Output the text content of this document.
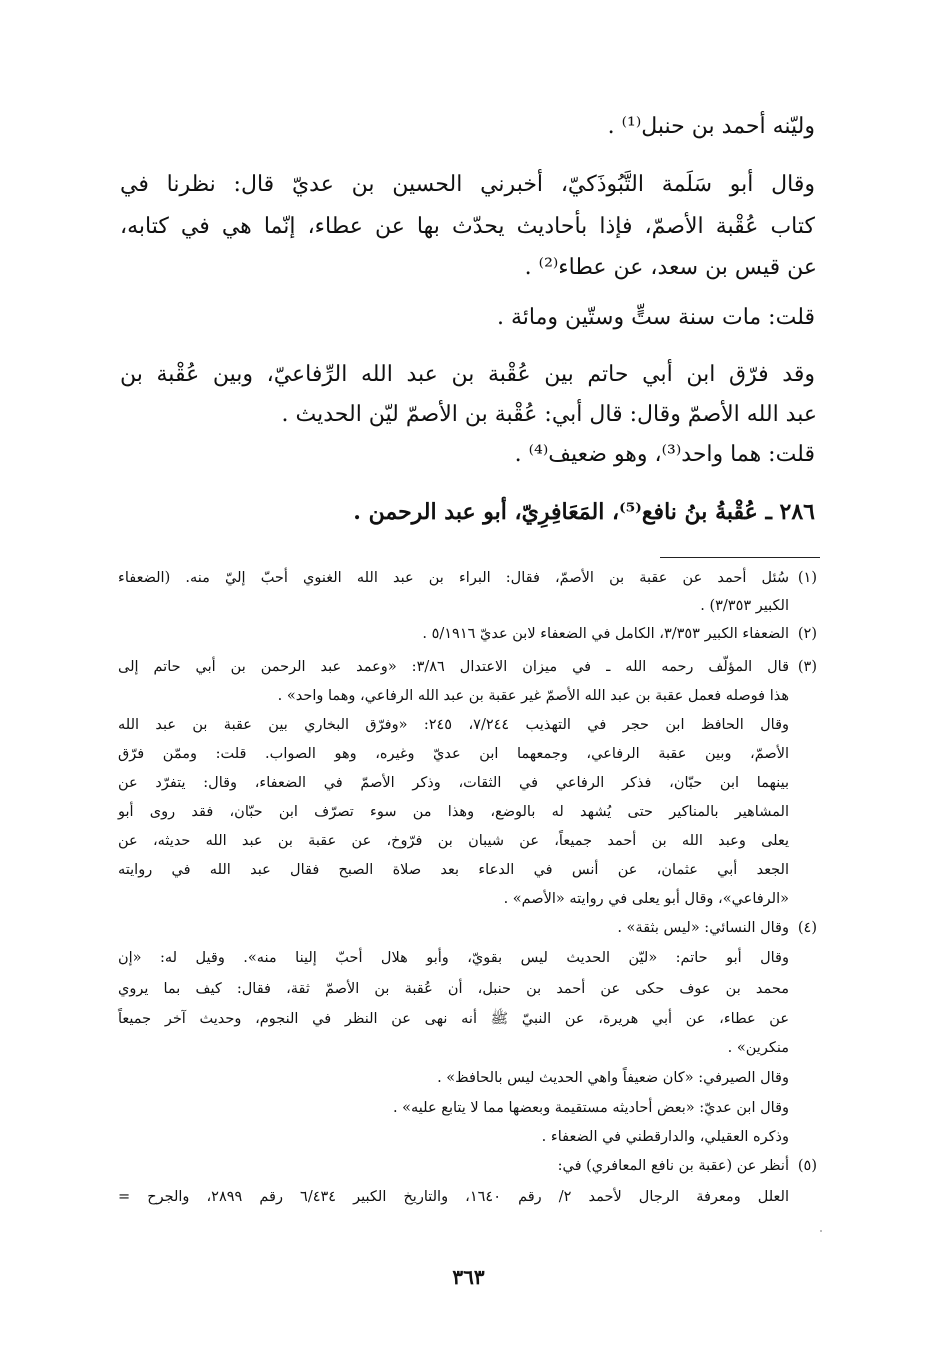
وليّنه أحمد بن حنبل⁽¹⁾ .
وقال أبو سَلَمة التَّبُوذَكيّ، أخبرني الحسين بن عديّ قال: نظرنا في
كتاب عُقْبة الأصمّ، فإذا بأحاديث يحدّث بها عن عطاء، إنّما هي في كتابه،
عن قيس بن سعد، عن عطاء⁽²⁾ .
قلت: مات سنة ستٍّ وستّين ومائة .
وقد فرّق ابن أبي حاتم بين عُقْبة بن عبد الله الرِّفاعيّ، وبين عُقْبة بن
عبد الله الأصمّ وقال: قال أبي: عُقْبة بن الأصمّ ليّن الحديث .
قلت: هما واحد⁽³⁾، وهو ضعيف⁽⁴⁾ .
٢٨٦ ـ عُقْبةُ بنُ نافع⁽⁵⁾، المَعَافِرِيّ، أبو عبد الرحمن .
(١)سُئل أحمد عن عقبة بن الأصمّ، فقال: البراء بن عبد الله الغنوي أحبّ إليّ منه. (الضعفاء
الكبير ٣/٣٥٣) .
(٢)الضعفاء الكبير ٣/٣٥٣، الكامل في الضعفاء لابن عديّ ٥/١٩١٦ .
(٣)قال المؤلّف رحمه الله ـ في ميزان الاعتدال ٣/٨٦: «وعمد عبد الرحمن بن أبي حاتم إلى
هذا فوصله فعمل عقبة بن عبد الله الأصمّ غير عقبة بن عبد الله الرفاعي، وهما واحد» .
وقال الحافظ ابن حجر في التهذيب ٧/٢٤٤، ٢٤٥: «وفرّق البخاري بين عقبة بن عبد الله
الأصمّ، وبين عقبة الرفاعي، وجمعهما ابن عديّ وغيره، وهو الصواب. قلت: وممّن فرّق
بينهما ابن حبّان، فذكر الرفاعي في الثقات، وذكر الأصمّ في الضعفاء، وقال: يتفرّد عن
المشاهير بالمناكير حتى يُشهد له بالوضع، وهذا من سوء تصرّف ابن حبّان، فقد روى أبو
يعلى وعبد الله بن أحمد جميعاً، عن شيبان بن فرّوخ، عن عقبة بن عبد الله حديثه، عن
الجعد أبي عثمان، عن أنس في الدعاء بعد صلاة الصبح فقال عبد الله في روايته
«الرفاعي»، وقال أبو يعلى في روايته «الأصم» .
(٤)وقال النسائي: «ليس بثقة» .
وقال أبو حاتم: «ليّن الحديث ليس بقويّ، وأبو هلال أحبّ إلينا منه». وقيل له: «إن
محمد بن عوف حكى عن أحمد بن حنبل، أن عُقبة بن الأصمّ ثقة، فقال: كيف بما يروي
عن عطاء، عن أبي هريرة، عن النبيّ ﷺ أنه نهى عن النظر في النجوم، وحديث آخر جميعاً
منكرين» .
وقال الصيرفي: «كان ضعيفاً واهي الحديث ليس بالحافظ» .
وقال ابن عديّ: «بعض أحاديثه مستقيمة وبعضها مما لا يتابع عليه» .
وذكره العقيلي، والدارقطني في الضعفاء .
(٥)أنظر عن (عقبة بن نافع المعافري) في:
العلل ومعرفة الرجال لأحمد ٢/ رقم ١٦٤٠، والتاريخ الكبير ٦/٤٣٤ رقم ٢٨٩٩، والجرح =
٣٦٣
